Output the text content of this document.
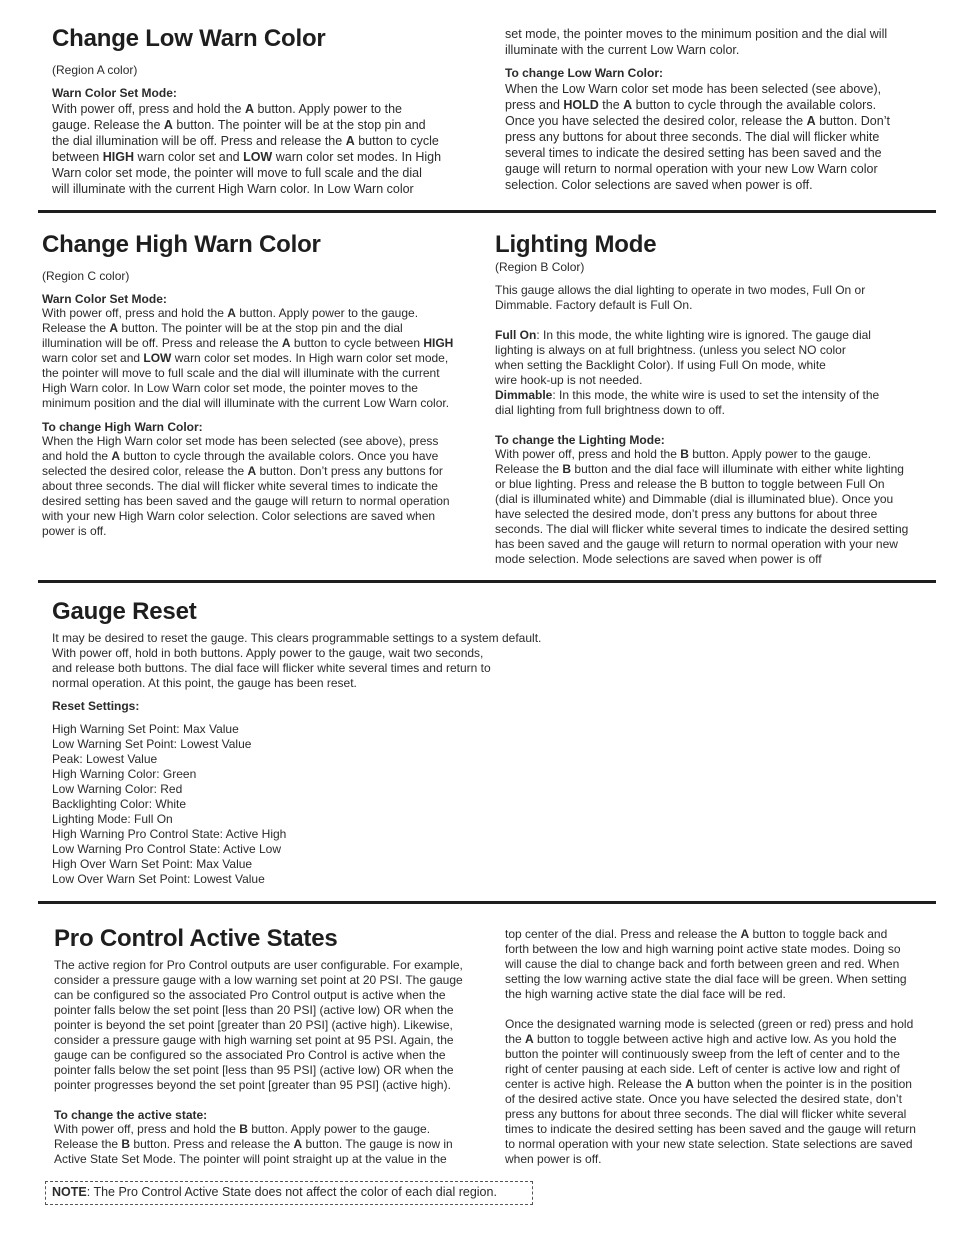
Change Low Warn Color

(Region A color)

Warn Color Set Mode:

With power off, press and hold the A button. Apply power to the
gauge. Release the A button. The pointer will be at the stop pin and
the dial illumination will be off. Press and release the A button to cycle
between HIGH warn color set and LOW warn color set modes. In High
Warn color set mode, the pointer will move to full scale and the dial
will illuminate with the current High Warn color. In Low Warn color
set mode, the pointer moves to the minimum position and the dial will
illuminate with the current Low Warn color.

To change Low Warn Color:

When the Low Warn color set mode has been selected (see above),
press and HOLD the A button to cycle through the available colors.
Once you have selected the desired color, release the A button. Don’t
press any buttons for about three seconds. The dial will flicker white
several times to indicate the desired setting has been saved and the
gauge will return to normal operation with your new Low Warn color
selection. Color selections are saved when power is off.
Change High Warn Color

(Region C color)

Warn Color Set Mode:

With power off, press and hold the A button. Apply power to the gauge.
Release the A button. The pointer will be at the stop pin and the dial
illumination will be off. Press and release the A button to cycle between HIGH
warn color set and LOW warn color set modes. In High warn color set mode,
the pointer will move to full scale and the dial will illuminate with the current
High Warn color. In Low Warn color set mode, the pointer moves to the
minimum position and the dial will illuminate with the current Low Warn color.

To change High Warn Color:

When the High Warn color set mode has been selected (see above), press
and hold the A button to cycle through the available colors. Once you have
selected the desired color, release the A button. Don’t press any buttons for
about three seconds. The dial will flicker white several times to indicate the
desired setting has been saved and the gauge will return to normal operation
with your new High Warn color selection. Color selections are saved when
power is off.
Lighting Mode

(Region B Color)

This gauge allows the dial lighting to operate in two modes, Full On or
Dimmable. Factory default is Full On.
Full On: In this mode, the white lighting wire is ignored. The gauge dial
lighting is always on at full brightness. (unless you select NO color
when setting the Backlight Color). If using Full On mode, white
wire hook-up is not needed.
Dimmable: In this mode, the white wire is used to set the intensity of the
dial lighting from full brightness down to off.

To change the Lighting Mode:

With power off, press and hold the B button. Apply power to the gauge.
Release the B button and the dial face will illuminate with either white lighting
or blue lighting. Press and release the B button to toggle between Full On
(dial is illuminated white) and Dimmable (dial is illuminated blue). Once you
have selected the desired mode, don’t press any buttons for about three
seconds. The dial will flicker white several times to indicate the desired setting
has been saved and the gauge will return to normal operation with your new
mode selection. Mode selections are saved when power is off
Gauge Reset
It may be desired to reset the gauge. This clears programmable settings to a system default.
With power off, hold in both buttons. Apply power to the gauge, wait two seconds,
and release both buttons. The dial face will flicker white several times and return to
normal operation. At this point, the gauge has been reset.

Reset Settings:

High Warning Set Point: Max Value
Low Warning Set Point: Lowest Value
Peak: Lowest Value
High Warning Color: Green
Low Warning Color: Red
Backlighting Color: White
Lighting Mode: Full On
High Warning Pro Control State: Active High
Low Warning Pro Control State: Active Low
High Over Warn Set Point: Max Value
Low Over Warn Set Point: Lowest Value
Pro Control Active States
The active region for Pro Control outputs are user configurable. For example,
consider a pressure gauge with a low warning set point at 20 PSI. The gauge
can be configured so the associated Pro Control output is active when the
pointer falls below the set point [less than 20 PSI] (active low) OR when the
pointer is beyond the set point [greater than 20 PSI] (active high). Likewise,
consider a pressure gauge with high warning set point at 95 PSI. Again, the
gauge can be configured so the associated Pro Control is active when the
pointer falls below the set point [less than 95 PSI] (active low) OR when the
pointer progresses beyond the set point [greater than 95 PSI] (active high).

To change the active state:

With power off, press and hold the B button. Apply power to the gauge.
Release the B button. Press and release the A button. The gauge is now in
Active State Set Mode. The pointer will point straight up at the value in the
top center of the dial. Press and release the A button to toggle back and
forth between the low and high warning point active state modes. Doing so
will cause the dial to change back and forth between green and red. When
setting the low warning active state the dial face will be green. When setting
the high warning active state the dial face will be red.
Once the designated warning mode is selected (green or red) press and hold
the A button to toggle between active high and active low. As you hold the
button the pointer will continuously sweep from the left of center and to the
right of center pausing at each side. Left of center is active low and right of
center is active high. Release the A button when the pointer is in the position
of the desired active state. Once you have selected the desired state, don’t
press any buttons for about three seconds. The dial will flicker white several
times to indicate the desired setting has been saved and the gauge will return
to normal operation with your new state selection. State selections are saved
when power is off.
NOTE: The Pro Control Active State does not affect the color of each dial region.
